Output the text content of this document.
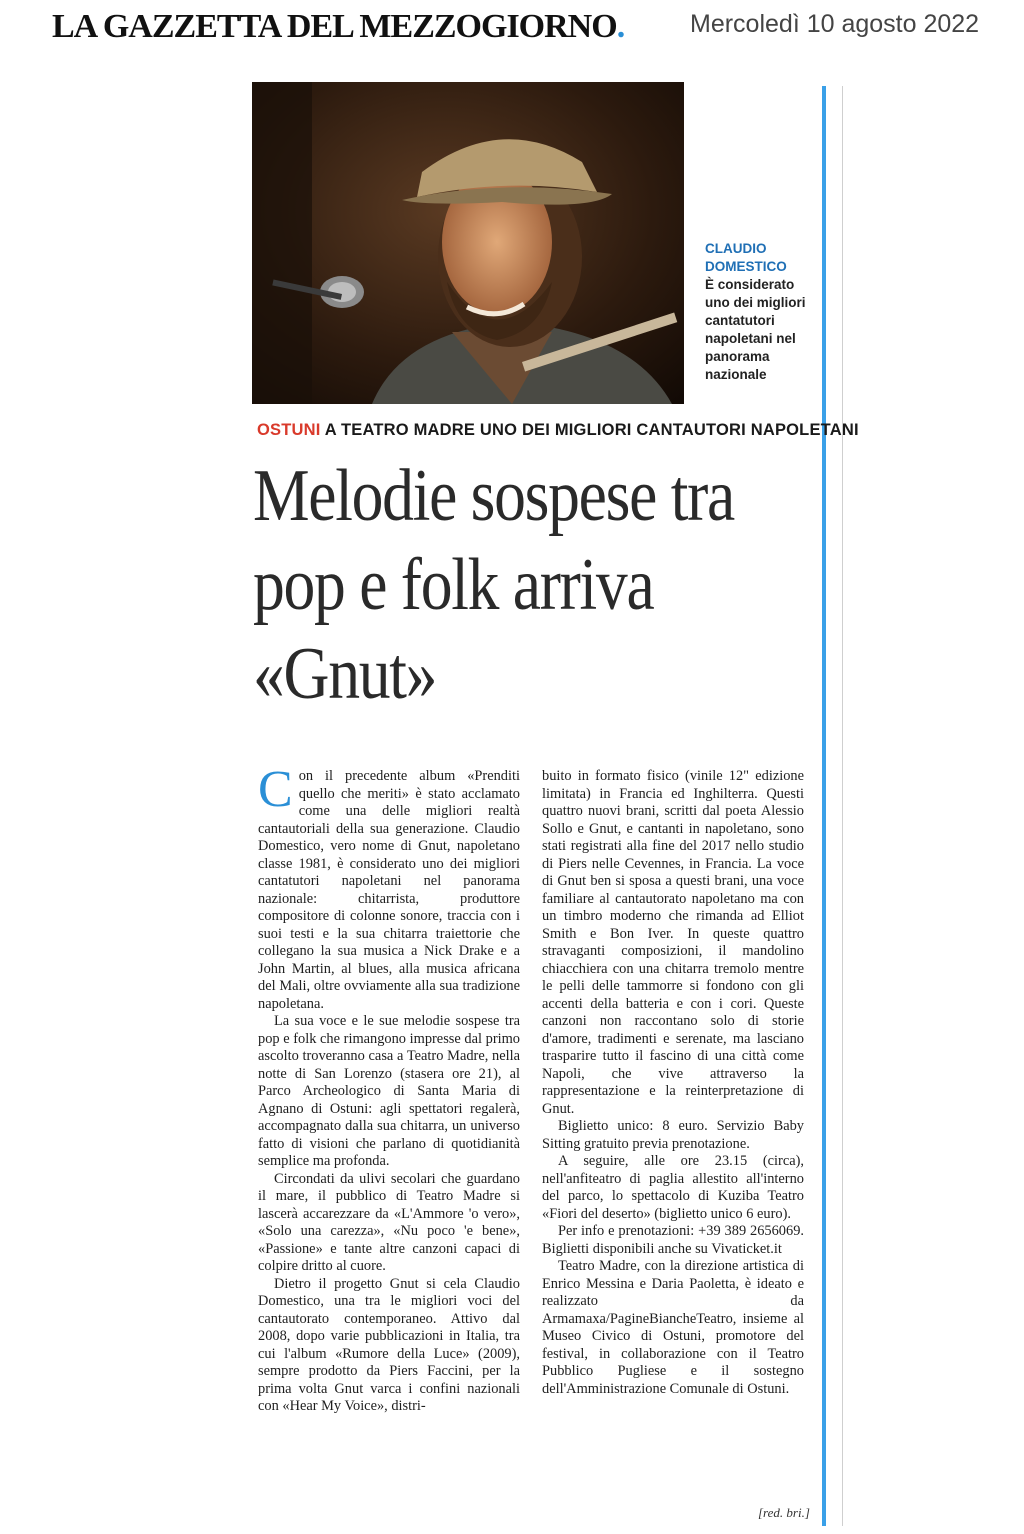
LA GAZZETTA DEL MEZZOGIORNO.	Mercoledì 10 agosto 2022
CLAUDIO DOMESTICO
È considerato uno dei migliori cantatutori napoletani nel panorama nazionale
OSTUNI A TEATRO MADRE UNO DEI MIGLIORI CANTAUTORI NAPOLETANI
Melodie sospese tra pop e folk arriva «Gnut»

Con il precedente album «Prenditi quello che meriti» è stato acclamato come una delle migliori realtà cantautoriali della sua generazione. Claudio Domestico, vero nome di Gnut, napoletano classe 1981, è considerato uno dei migliori cantatutori napoletani nel panorama nazionale: chitarrista, produttore compositore di colonne sonore, traccia con i suoi testi e la sua chitarra traiettorie che collegano la sua musica a Nick Drake e a John Martin, al blues, alla musica africana del Mali, oltre ovviamente alla sua tradizione napoletana.

La sua voce e le sue melodie sospese tra pop e folk che rimangono impresse dal primo ascolto troveranno casa a Teatro Madre, nella notte di San Lorenzo (stasera ore 21), al Parco Archeologico di Santa Maria di Agnano di Ostuni: agli spettatori regalerà, accompagnato dalla sua chitarra, un universo fatto di visioni che parlano di quotidianità semplice ma profonda.

Circondati da ulivi secolari che guardano il mare, il pubblico di Teatro Madre si lascerà accarezzare da «L'Ammore 'o vero», «Solo una carezza», «Nu poco 'e bene», «Passione» e tante altre canzoni capaci di colpire dritto al cuore.

Dietro il progetto Gnut si cela Claudio Domestico, una tra le migliori voci del cantautorato contemporaneo. Attivo dal 2008, dopo varie pubblicazioni in Italia, tra cui l'album «Rumore della Luce» (2009), sempre prodotto da Piers Faccini, per la prima volta Gnut varca i confini nazionali con «Hear My Voice», distri-

buito in formato fisico (vinile 12" edizione limitata) in Francia ed Inghilterra. Questi quattro nuovi brani, scritti dal poeta Alessio Sollo e Gnut, e cantanti in napoletano, sono stati registrati alla fine del 2017 nello studio di Piers nelle Cevennes, in Francia. La voce di Gnut ben si sposa a questi brani, una voce familiare al cantautorato napoletano ma con un timbro moderno che rimanda ad Elliot Smith e Bon Iver. In queste quattro stravaganti composizioni, il mandolino chiacchiera con una chitarra tremolo mentre le pelli delle tammorre si fondono con gli accenti della batteria e con i cori. Queste canzoni non raccontano solo di storie d'amore, tradimenti e serenate, ma lasciano trasparire tutto il fascino di una città come Napoli, che vive attraverso la rappresentazione e la reinterpretazione di Gnut.

Biglietto unico: 8 euro. Servizio Baby Sitting gratuito previa prenotazione.

A seguire, alle ore 23.15 (circa), nell'anfiteatro di paglia allestito all'interno del parco, lo spettacolo di Kuziba Teatro «Fiori del deserto» (biglietto unico 6 euro).

Per info e prenotazioni: +39 389 2656069. Biglietti disponibili anche su Vivaticket.it

Teatro Madre, con la direzione artistica di Enrico Messina e Daria Paoletta, è ideato e realizzato da Armamaxa/PagineBiancheTeatro, insieme al Museo Civico di Ostuni, promotore del festival, in collaborazione con il Teatro Pubblico Pugliese e il sostegno dell'Amministrazione Comunale di Ostuni.

[red. bri.]
